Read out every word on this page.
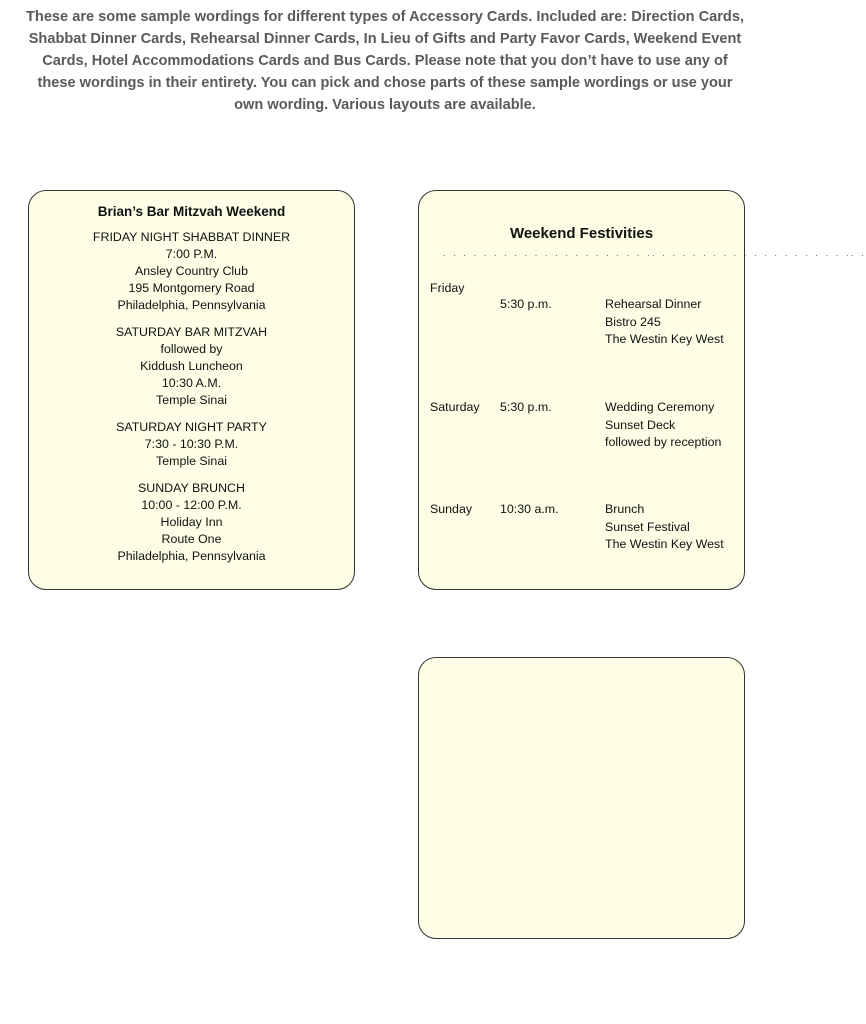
These are some sample wordings for different types of Accessory Cards. Included are: Direction Cards,
Shabbat Dinner Cards, Rehearsal Dinner Cards, In Lieu of Gifts and Party Favor Cards, Weekend Event
Cards, Hotel Accommodations Cards and Bus Cards. Please note that you don’t have to use any of
these wordings in their entirety. You can pick and chose parts of these sample wordings or use your
own wording. Various layouts are available.
Brian’s Bar Mitzvah Weekend
FRIDAY NIGHT SHABBAT DINNER
7:00 P.M.
Ansley Country Club
195 Montgomery Road
Philadelphia, Pennsylvania
SATURDAY BAR MITZVAH
followed by
Kiddush Luncheon
10:30 A.M.
Temple Sinai
SATURDAY NIGHT PARTY
7:30 - 10:30 P.M.
Temple Sinai
SUNDAY BRUNCH
10:00 - 12:00 P.M.
Holiday Inn
Route One
Philadelphia, Pennsylvania
Weekend Festivities
. . . . . . . . . . . . . . . . . . . . .. . . . . . . . . . . . . . . . . . . .. .
Friday
5:30 p.m.	Rehearsal Dinner
Bistro 245
The Westin Key West
Saturday 5:30 p.m.	Wedding Ceremony
Sunset Deck
followed by reception
Sunday 10:30 a.m.	Brunch
Sunset Festival
The Westin Key West
